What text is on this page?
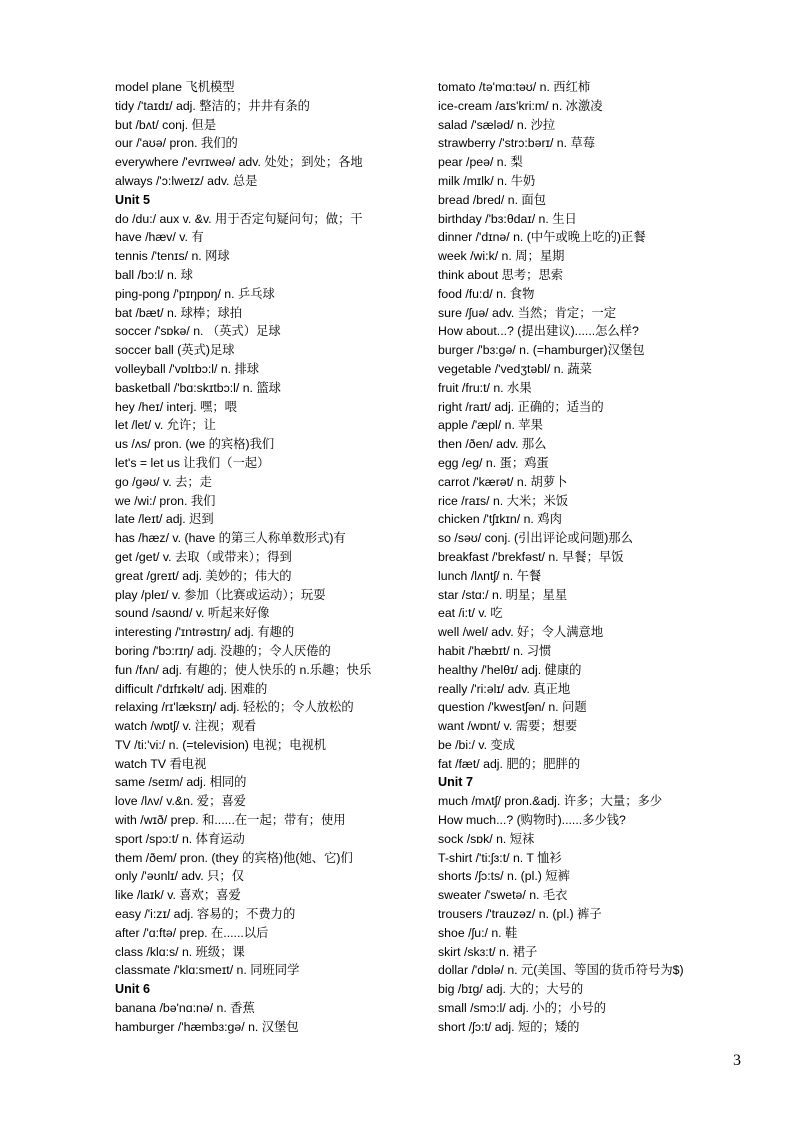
model plane 飞机模型
tidy /'taɪdɪ/ adj. 整洁的；井井有条的
but /bʌt/ conj. 但是
our /'aʊə/ pron. 我们的
everywhere /'evrɪweə/ adv. 处处；到处；各地
always /'ɔ:lweɪz/ adv. 总是
Unit 5
do /du:/ aux v. &v. 用于否定句疑问句；做；干
have /hæv/ v. 有
tennis /'tenɪs/ n. 网球
ball /bɔ:l/ n. 球
ping-pong /'pɪŋpɒŋ/ n. 乒乓球
bat /bæt/ n. 球棒；球拍
soccer /'sɒkə/ n. （英式）足球
soccer ball (英式)足球
volleyball /'vɒlɪbɔ:l/ n. 排球
basketball /'bɑ:skɪtbɔ:l/ n. 篮球
hey /heɪ/ interj. 嘿；喂
let /let/ v. 允许；让
us /ʌs/ pron. (we 的宾格)我们
let's = let us 让我们（一起）
go /gəʊ/ v. 去；走
we /wi:/ pron. 我们
late /leɪt/ adj. 迟到
has /hæz/ v. (have 的第三人称单数形式)有
get /get/ v. 去取（或带来）；得到
great /greɪt/ adj. 美妙的；伟大的
play /pleɪ/ v. 参加（比赛或运动）；玩耍
sound /saʊnd/ v. 听起来好像
interesting /'ɪntrəstɪŋ/ adj. 有趣的
boring /'bɔ:rɪŋ/ adj. 没趣的；令人厌倦的
fun /fʌn/ adj. 有趣的；使人快乐的 n.乐趣；快乐
difficult /'dɪfɪkəlt/ adj. 困难的
relaxing /rɪ'læksɪŋ/ adj. 轻松的；令人放松的
watch /wɒtʃ/ v. 注视；观看
TV /ti:'vi:/ n. (=television) 电视；电视机
watch TV 看电视
same /seɪm/ adj. 相同的
love /lʌv/ v.&n. 爱；喜爱
with /wɪð/ prep. 和......在一起；带有；使用
sport /spɔ:t/ n. 体育运动
them /ðem/ pron. (they 的宾格)他(她、它)们
only /'əʊnlɪ/ adv. 只；仅
like /laɪk/ v. 喜欢；喜爱
easy /'i:zɪ/ adj. 容易的；不费力的
after /'ɑ:ftə/ prep. 在......以后
class /klɑ:s/ n. 班级；课
classmate /'klɑ:smeɪt/ n. 同班同学
Unit 6
banana /bə'nɑ:nə/ n. 香蕉
hamburger /'hæmbɜ:gə/ n. 汉堡包
tomato /tə'mɑ:təʊ/ n. 西红柿
ice-cream /aɪs'kri:m/ n. 冰激凌
salad /'sæləd/ n. 沙拉
strawberry /'strɔ:bərɪ/ n. 草莓
pear /peə/ n. 梨
milk /mɪlk/ n. 牛奶
bread /bred/ n. 面包
birthday /'bɜ:θdaɪ/ n. 生日
dinner /'dɪnə/ n. (中午或晚上吃的)正餐
week /wi:k/ n. 周；星期
think about 思考；思索
food /fu:d/ n. 食物
sure /ʃuə/ adv. 当然；肯定；一定
How about...? (提出建议)......怎么样?
burger /'bɜ:gə/ n. (=hamburger)汉堡包
vegetable /'vedʒtəbl/ n. 蔬菜
fruit /fru:t/ n. 水果
right /raɪt/ adj. 正确的；适当的
apple /'æpl/ n. 苹果
then /ðen/ adv. 那么
egg /eg/ n. 蛋；鸡蛋
carrot /'kærət/ n. 胡萝卜
rice /raɪs/ n. 大米；米饭
chicken /'tʃɪkɪn/ n. 鸡肉
so /səʊ/ conj. (引出评论或问题)那么
breakfast /'brekfəst/ n. 早餐；早饭
lunch /lʌntʃ/ n. 午餐
star /stɑ:/ n. 明星；星星
eat /i:t/ v. 吃
well /wel/ adv. 好；令人满意地
habit /'hæbɪt/ n. 习惯
healthy /'helθɪ/ adj. 健康的
really /'ri:əlɪ/ adv. 真正地
question /'kwestʃən/ n. 问题
want /wɒnt/ v. 需要；想要
be /bi:/ v. 变成
fat /fæt/ adj. 肥的；肥胖的
Unit 7
much /mʌtʃ/ pron.&adj. 许多；大量；多少
How much...? (购物时)......多少钱?
sock /sɒk/ n. 短袜
T-shirt /'ti:ʃɜ:t/ n. T 恤衫
shorts /ʃɔ:ts/ n. (pl.) 短裤
sweater /'swetə/ n. 毛衣
trousers /'trauzəz/ n. (pl.) 裤子
shoe /ʃu:/ n. 鞋
skirt /skɜ:t/ n. 裙子
dollar /'dɒlə/ n. 元(美国、等国的货币符号为$)
big /bɪg/ adj. 大的；大号的
small /smɔ:l/ adj. 小的；小号的
short /ʃɔ:t/ adj. 短的；矮的
3
